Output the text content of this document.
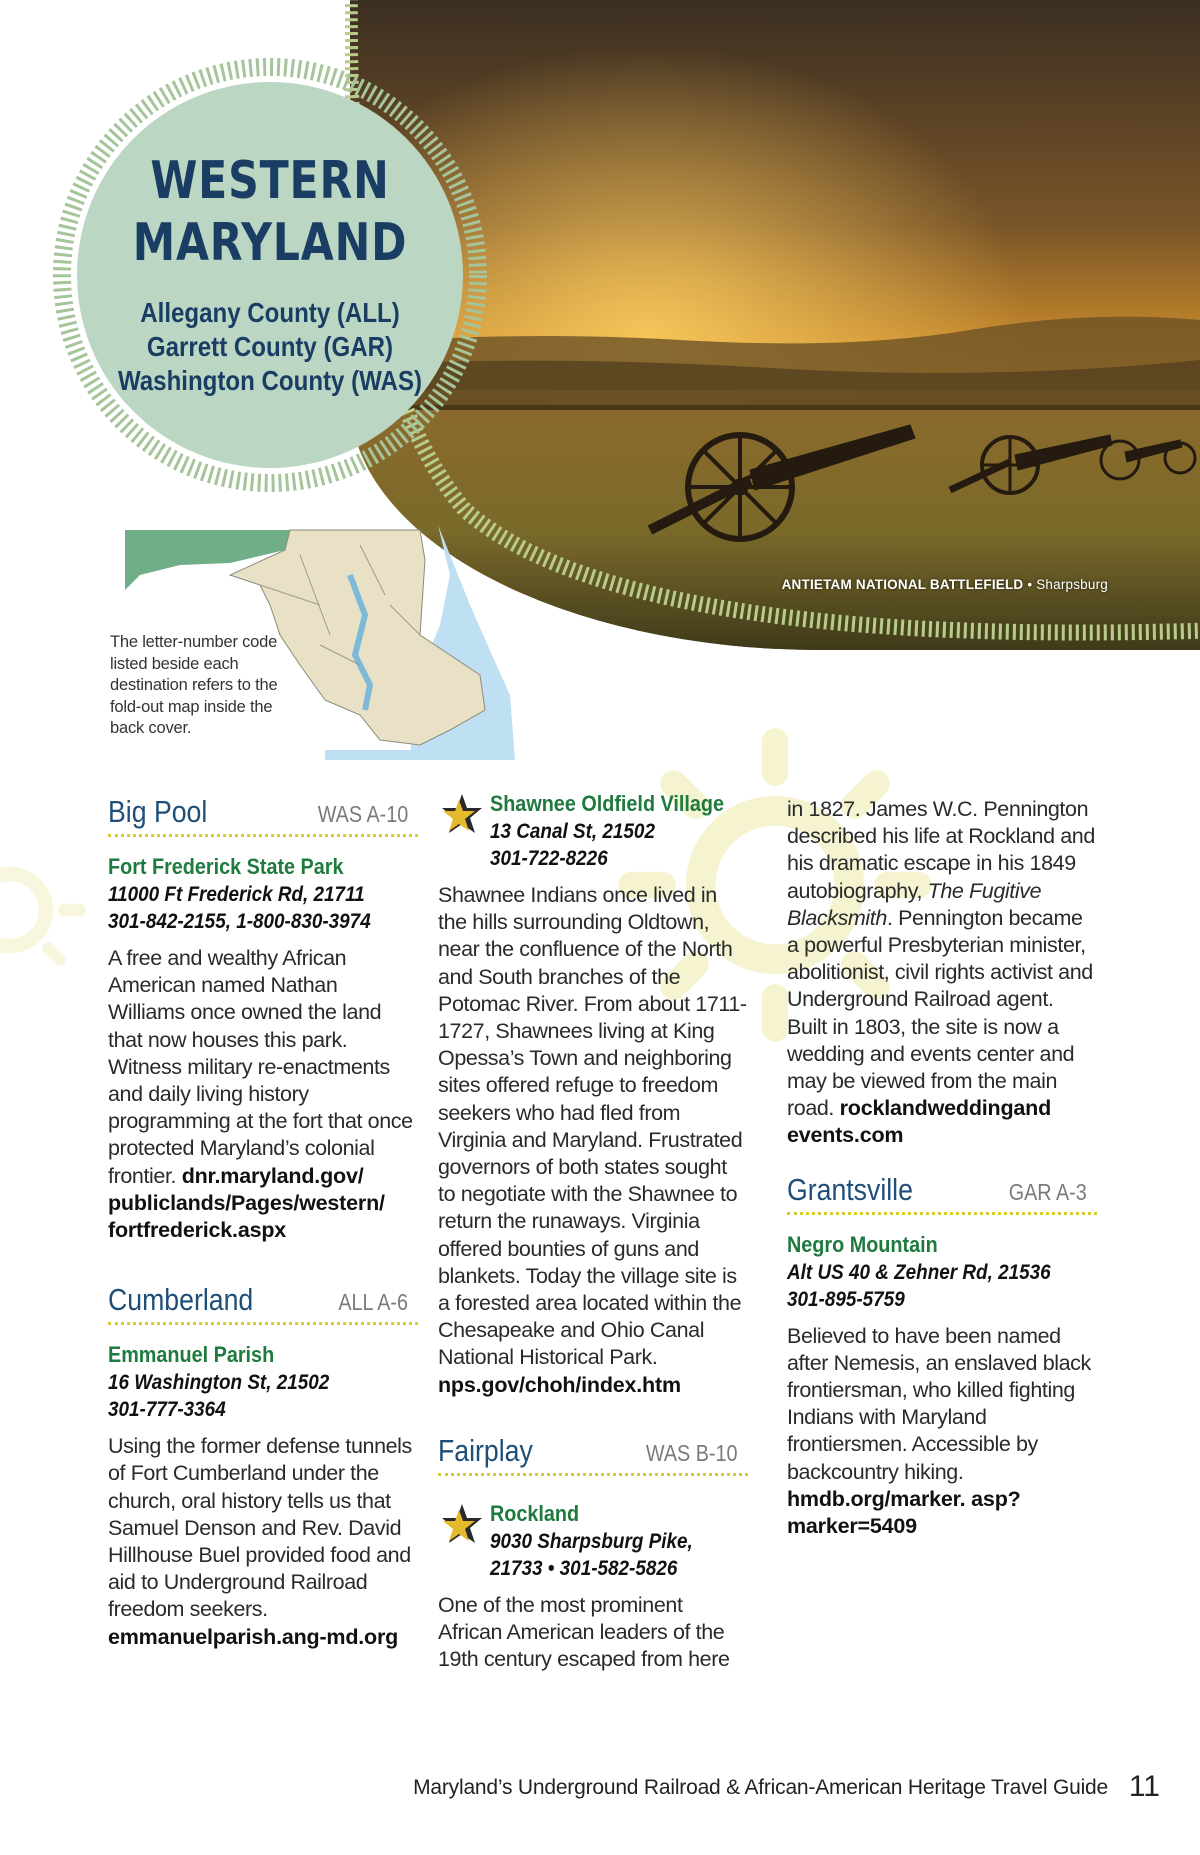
ANTIETAM NATIONAL BATTLEFIELD • Sharpsburg
WESTERN
MARYLAND
Allegany County (ALL)
Garrett County (GAR)
Washington County (WAS)
The letter-number code listed beside each destination refers to the fold-out map inside the back cover.
Big Pool	WAS A-10
Fort Frederick State Park
11000 Ft Frederick Rd, 21711
301-842-2155, 1-800-830-3974
A free and wealthy African American named Nathan Williams once owned the land that now houses this park. Witness military re-enactments and daily living history programming at the fort that once protected Maryland’s colonial frontier. dnr.maryland.gov/ publiclands/Pages/western/ fortfrederick.aspx
Cumberland	ALL A-6
Emmanuel Parish
16 Washington St, 21502
301-777-3364
Using the former defense tunnels of Fort Cumberland under the church, oral history tells us that Samuel Denson and Rev. David Hillhouse Buel provided food and aid to Underground Railroad freedom seekers. emmanuelparish.ang-md.org
Shawnee Oldfield Village
13 Canal St, 21502
301-722-8226
Shawnee Indians once lived in the hills surrounding Oldtown, near the confluence of the North and South branches of the Potomac River. From about 1711-1727, Shawnees living at King Opessa’s Town and neighboring sites offered refuge to freedom seekers who had fled from Virginia and Maryland. Frustrated governors of both states sought to negotiate with the Shawnee to return the runaways. Virginia offered bounties of guns and blankets. Today the village site is a forested area located within the Chesapeake and Ohio Canal National Historical Park. nps.gov/choh/index.htm
Fairplay	WAS B-10
Rockland
9030 Sharpsburg Pike,
21733 • 301-582-5826
One of the most prominent African American leaders of the 19th century escaped from here
in 1827. James W.C. Pennington described his life at Rockland and his dramatic escape in his 1849 autobiography, The Fugitive Blacksmith. Pennington became a powerful Presbyterian minister, abolitionist, civil rights activist and Underground Railroad agent. Built in 1803, the site is now a wedding and events center and may be viewed from the main road. rocklandweddingand events.com
Grantsville	GAR A-3
Negro Mountain
Alt US 40 & Zehner Rd, 21536
301-895-5759
Believed to have been named after Nemesis, an enslaved black frontiersman, who killed fighting Indians with Maryland frontiersmen. Accessible by backcountry hiking. hmdb.org/marker. asp?marker=5409
Maryland’s Underground Railroad & African-American Heritage Travel Guide 11
